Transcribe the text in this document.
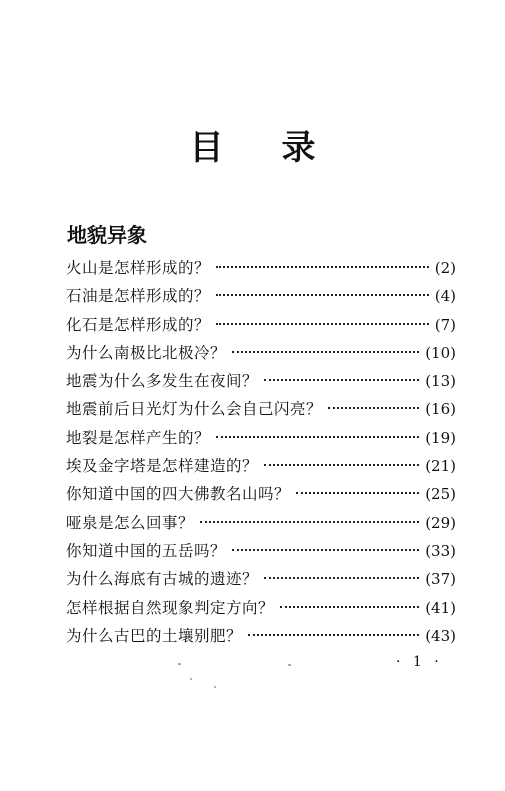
目 录
地貌异象
火山是怎样形成的？	(2)
石油是怎样形成的？	(4)
化石是怎样形成的？	(7)
为什么南极比北极冷？	(10)
地震为什么多发生在夜间？	(13)
地震前后日光灯为什么会自己闪亮？	(16)
地裂是怎样产生的？	(19)
埃及金字塔是怎样建造的？	(21)
你知道中国的四大佛教名山吗？	(25)
哑泉是怎么回事？	(29)
你知道中国的五岳吗？	(33)
为什么海底有古城的遗迹？	(37)
怎样根据自然现象判定方向？	(41)
为什么古巴的土壤别肥？	(43)
· 1 ·
